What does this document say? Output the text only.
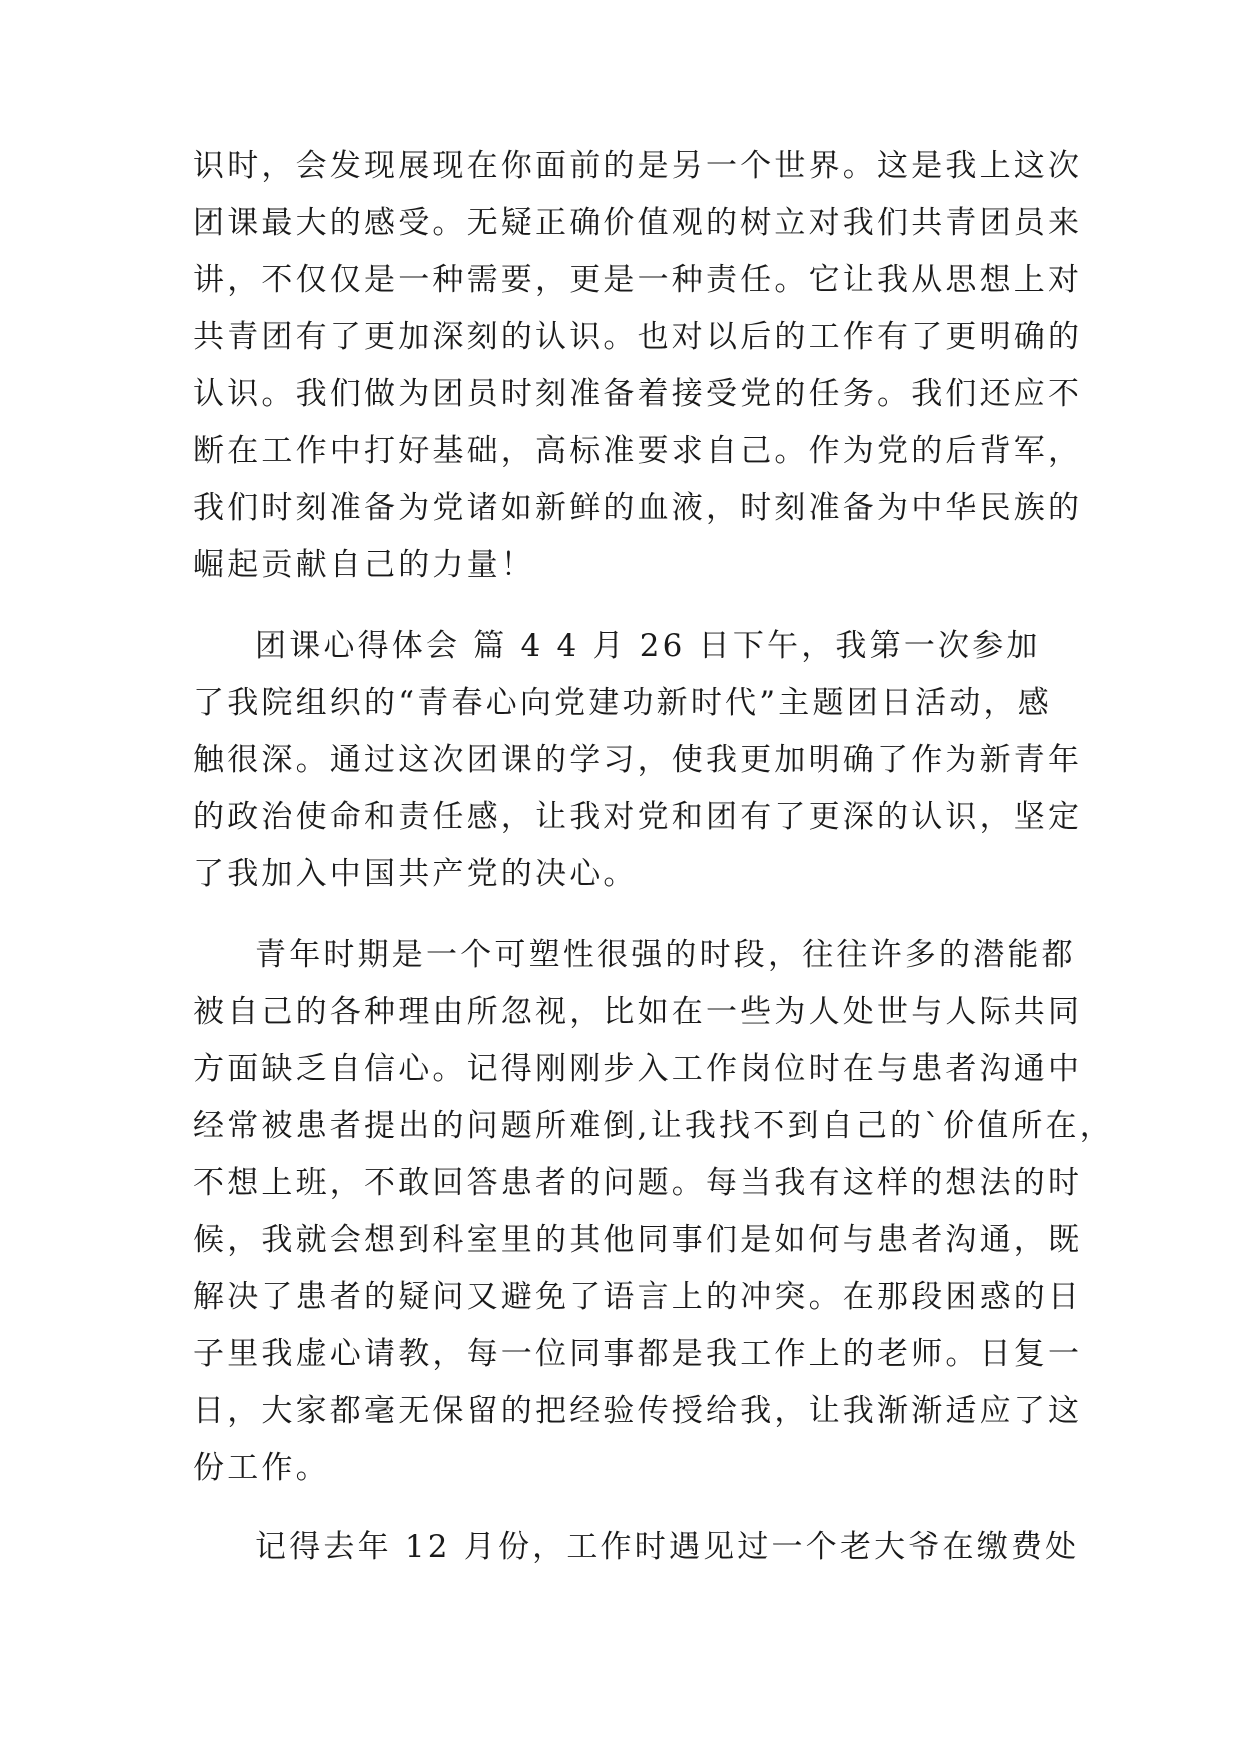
识时，会发现展现在你面前的是另一个世界。这是我上这次
团课最大的感受。无疑正确价值观的树立对我们共青团员来
讲，不仅仅是一种需要，更是一种责任。它让我从思想上对
共青团有了更加深刻的认识。也对以后的工作有了更明确的
认识。我们做为团员时刻准备着接受党的任务。我们还应不
断在工作中打好基础，高标准要求自己。作为党的后背军，
我们时刻准备为党诸如新鲜的血液，时刻准备为中华民族的
崛起贡献自己的力量！
团课心得体会 篇 4 4 月 26 日下午，我第一次参加
了我院组织的“青春心向党建功新时代”主题团日活动，感
触很深。通过这次团课的学习，使我更加明确了作为新青年
的政治使命和责任感，让我对党和团有了更深的认识，坚定
了我加入中国共产党的决心。
青年时期是一个可塑性很强的时段，往往许多的潜能都
被自己的各种理由所忽视，比如在一些为人处世与人际共同
方面缺乏自信心。记得刚刚步入工作岗位时在与患者沟通中
经常被患者提出的问题所难倒,让我找不到自己的`价值所在，
不想上班，不敢回答患者的问题。每当我有这样的想法的时
候，我就会想到科室里的其他同事们是如何与患者沟通，既
解决了患者的疑问又避免了语言上的冲突。在那段困惑的日
子里我虚心请教，每一位同事都是我工作上的老师。日复一
日，大家都毫无保留的把经验传授给我，让我渐渐适应了这
份工作。
记得去年 12 月份，工作时遇见过一个老大爷在缴费处
